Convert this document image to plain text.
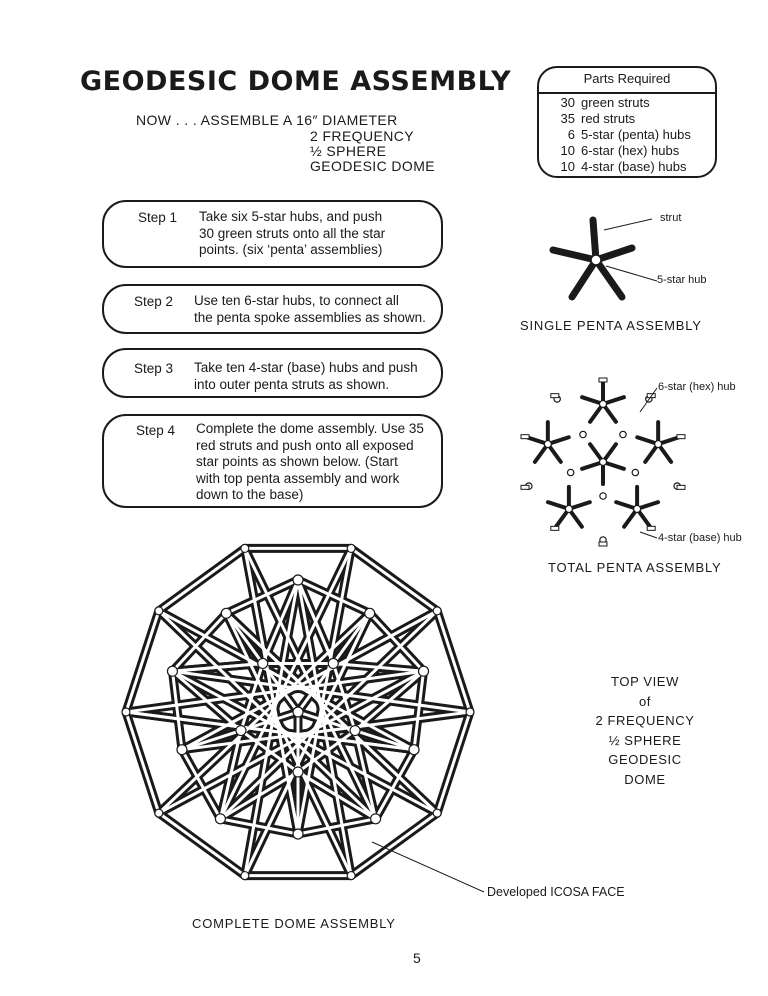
GEODESIC DOME ASSEMBLY
NOW . . . ASSEMBLE A 16″ DIAMETER
2 FREQUENCY
½ SPHERE
GEODESIC DOME
Parts Required
30 green struts
35 red struts
6 5-star (penta) hubs
10 6-star (hex) hubs
10 4-star (base) hubs
Step 1 Take six 5-star hubs, and push
30 green struts onto all the star
points. (six ‘penta’ assemblies)
Step 2 Use ten 6-star hubs, to connect all
the penta spoke assemblies as shown.
Step 3 Take ten 4-star (base) hubs and push
into outer penta struts as shown.
Step 4 Complete the dome assembly. Use 35
red struts and push onto all exposed
star points as shown below. (Start
with top penta assembly and work
down to the base)
strut
5-star hub
SINGLE PENTA ASSEMBLY
6-star (hex) hub
4-star (base) hub
TOTAL PENTA ASSEMBLY
TOP VIEW
of
2 FREQUENCY
½ SPHERE
GEODESIC
DOME
Developed ICOSA FACE
COMPLETE DOME ASSEMBLY
5
